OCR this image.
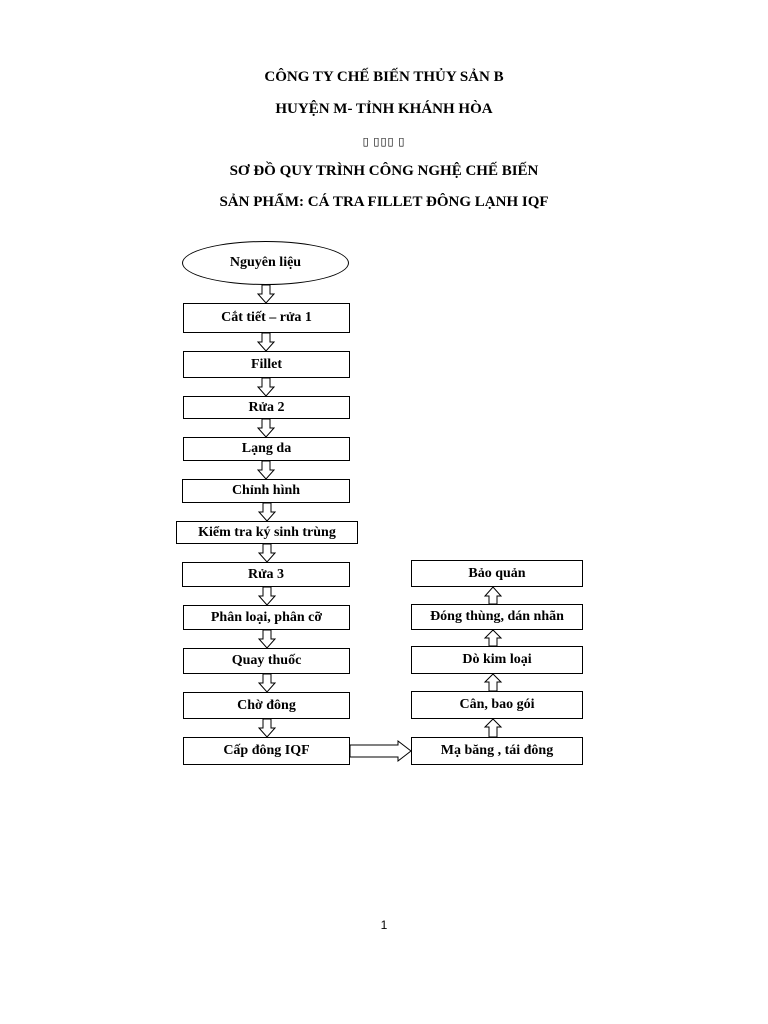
CÔNG TY CHẾ BIẾN THỦY SẢN B
HUYỆN M- TỈNH KHÁNH HÒA
▯ ▯▯▯ ▯
SƠ ĐỒ QUY TRÌNH CÔNG NGHỆ CHẾ BIẾN
SẢN PHẨM: CÁ TRA FILLET ĐÔNG LẠNH IQF
Nguyên liệu
Cắt tiết – rửa 1
Fillet
Rửa 2
Lạng da
Chỉnh hình
Kiểm tra ký sinh trùng
Rửa 3
Phân loại, phân cỡ
Quay thuốc
Chờ đông
Cấp đông IQF	Mạ băng , tái đông
Cân, bao gói
Dò kim loại
Đóng thùng, dán nhãn
Bảo quản
1
